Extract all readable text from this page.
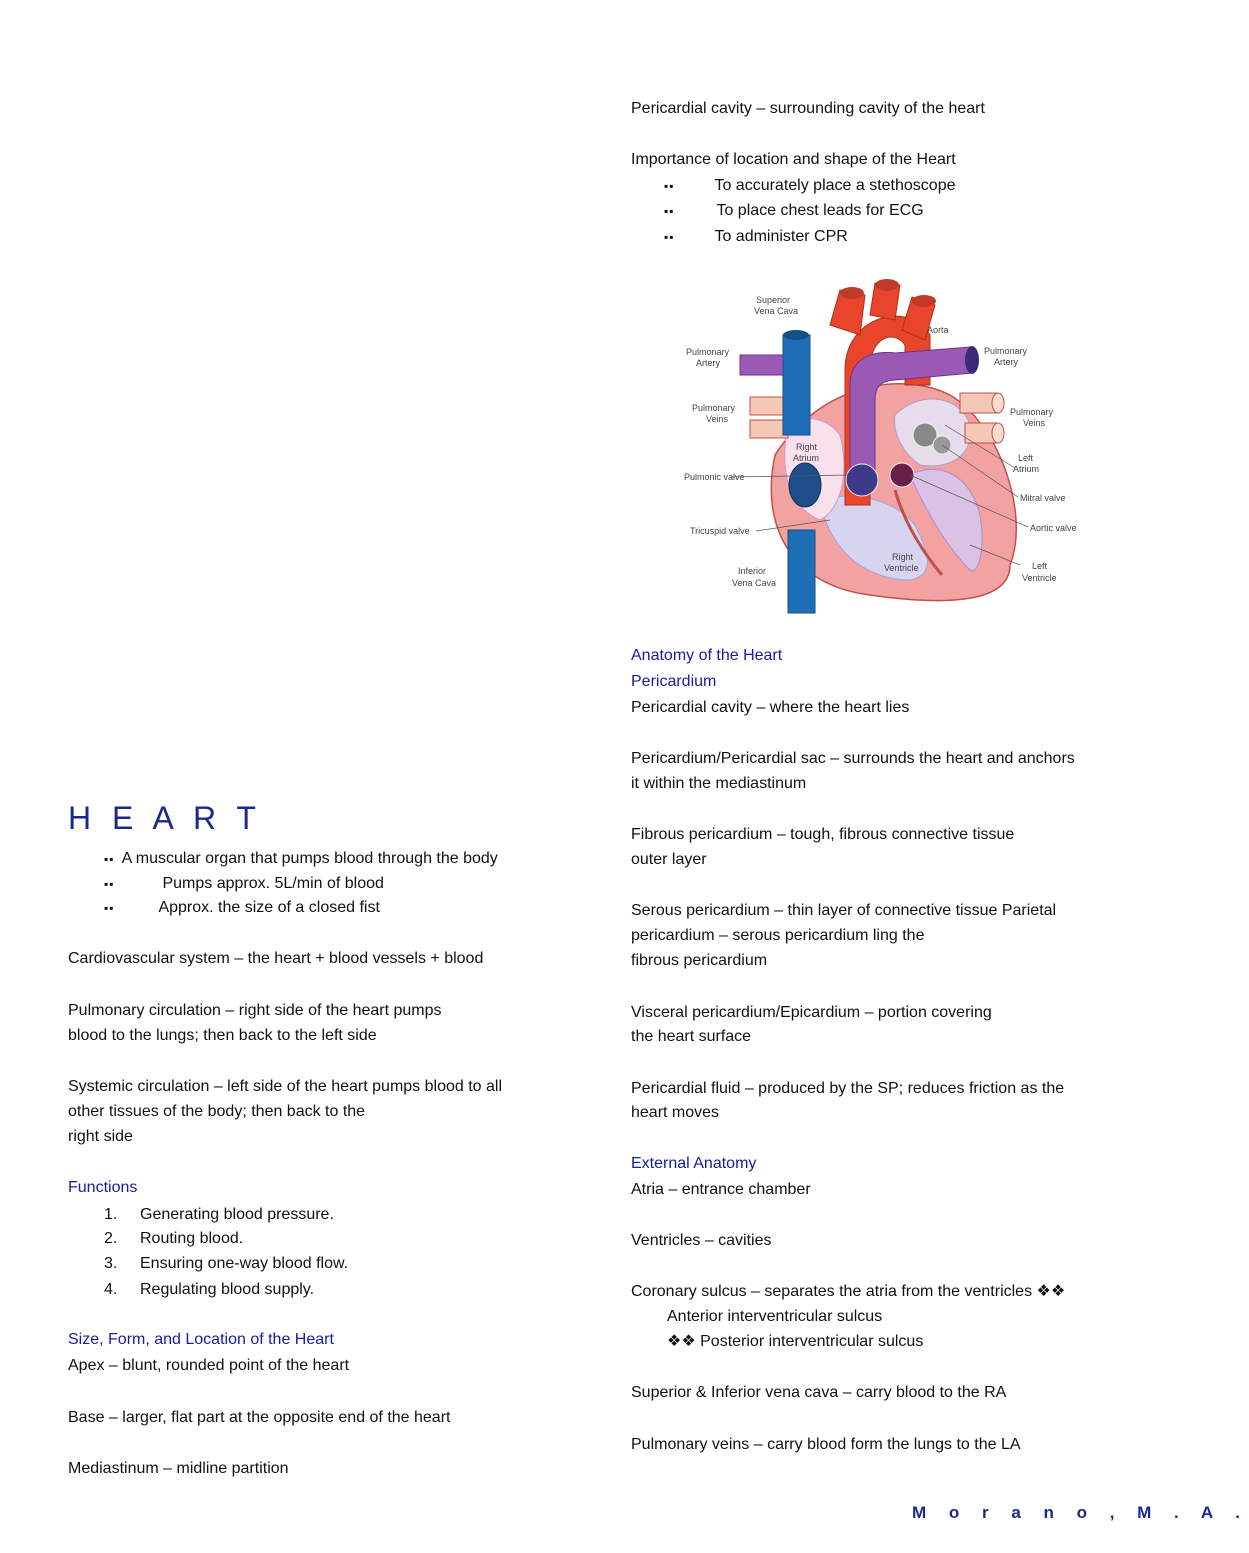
H E A R T
▪▪ A muscular organ that pumps blood through the body
▪▪	Pumps approx. 5L/min of blood
▪▪	Approx. the size of a closed fist
Cardiovascular system – the heart + blood vessels + blood
Pulmonary circulation – right side of the heart pumps
blood to the lungs; then back to the left side
Systemic circulation – left side of the heart pumps blood to all
other tissues of the body; then back to the
right side
Functions
1. Generating blood pressure.
2. Routing blood.
3. Ensuring one-way blood flow.
4. Regulating blood supply.
Size, Form, and Location of the Heart
Apex – blunt, rounded point of the heart
Base – larger, flat part at the opposite end of the heart
Mediastinum – midline partition
Pericardial cavity – surrounding cavity of the heart
Importance of location and shape of the Heart
▪▪ To accurately place a stethoscope
▪▪	To place chest leads for ECG
▪▪ To administer CPR
Superior
Vena Cava
Aorta
Pulmonary
Artery
Pulmonary
Artery
Pulmonary
Veins
Pulmonary
Veins
Right
Atrium	Left
Atrium
Pulmonic valve
Mitral valve
Tricuspid valve	Aortic valve
Inferior
Vena Cava
Right
Ventricle	Left
Ventricle
Anatomy of the Heart
Pericardium
Pericardial cavity – where the heart lies
Pericardium/Pericardial sac – surrounds the heart and anchors
it within the mediastinum
Fibrous pericardium – tough, fibrous connective tissue
outer layer
Serous pericardium – thin layer of connective tissue Parietal
pericardium – serous pericardium ling the
fibrous pericardium
Visceral pericardium/Epicardium – portion covering
the heart surface
Pericardial fluid – produced by the SP; reduces friction as the
heart moves
External Anatomy
Atria – entrance chamber
Ventricles – cavities
Coronary sulcus – separates the atria from the ventricles ❖❖
Anterior interventricular sulcus
❖❖ Posterior interventricular sulcus
Superior & Inferior vena cava – carry blood to the RA
Pulmonary veins – carry blood form the lungs to the LA
M o r a n o , M . A .
